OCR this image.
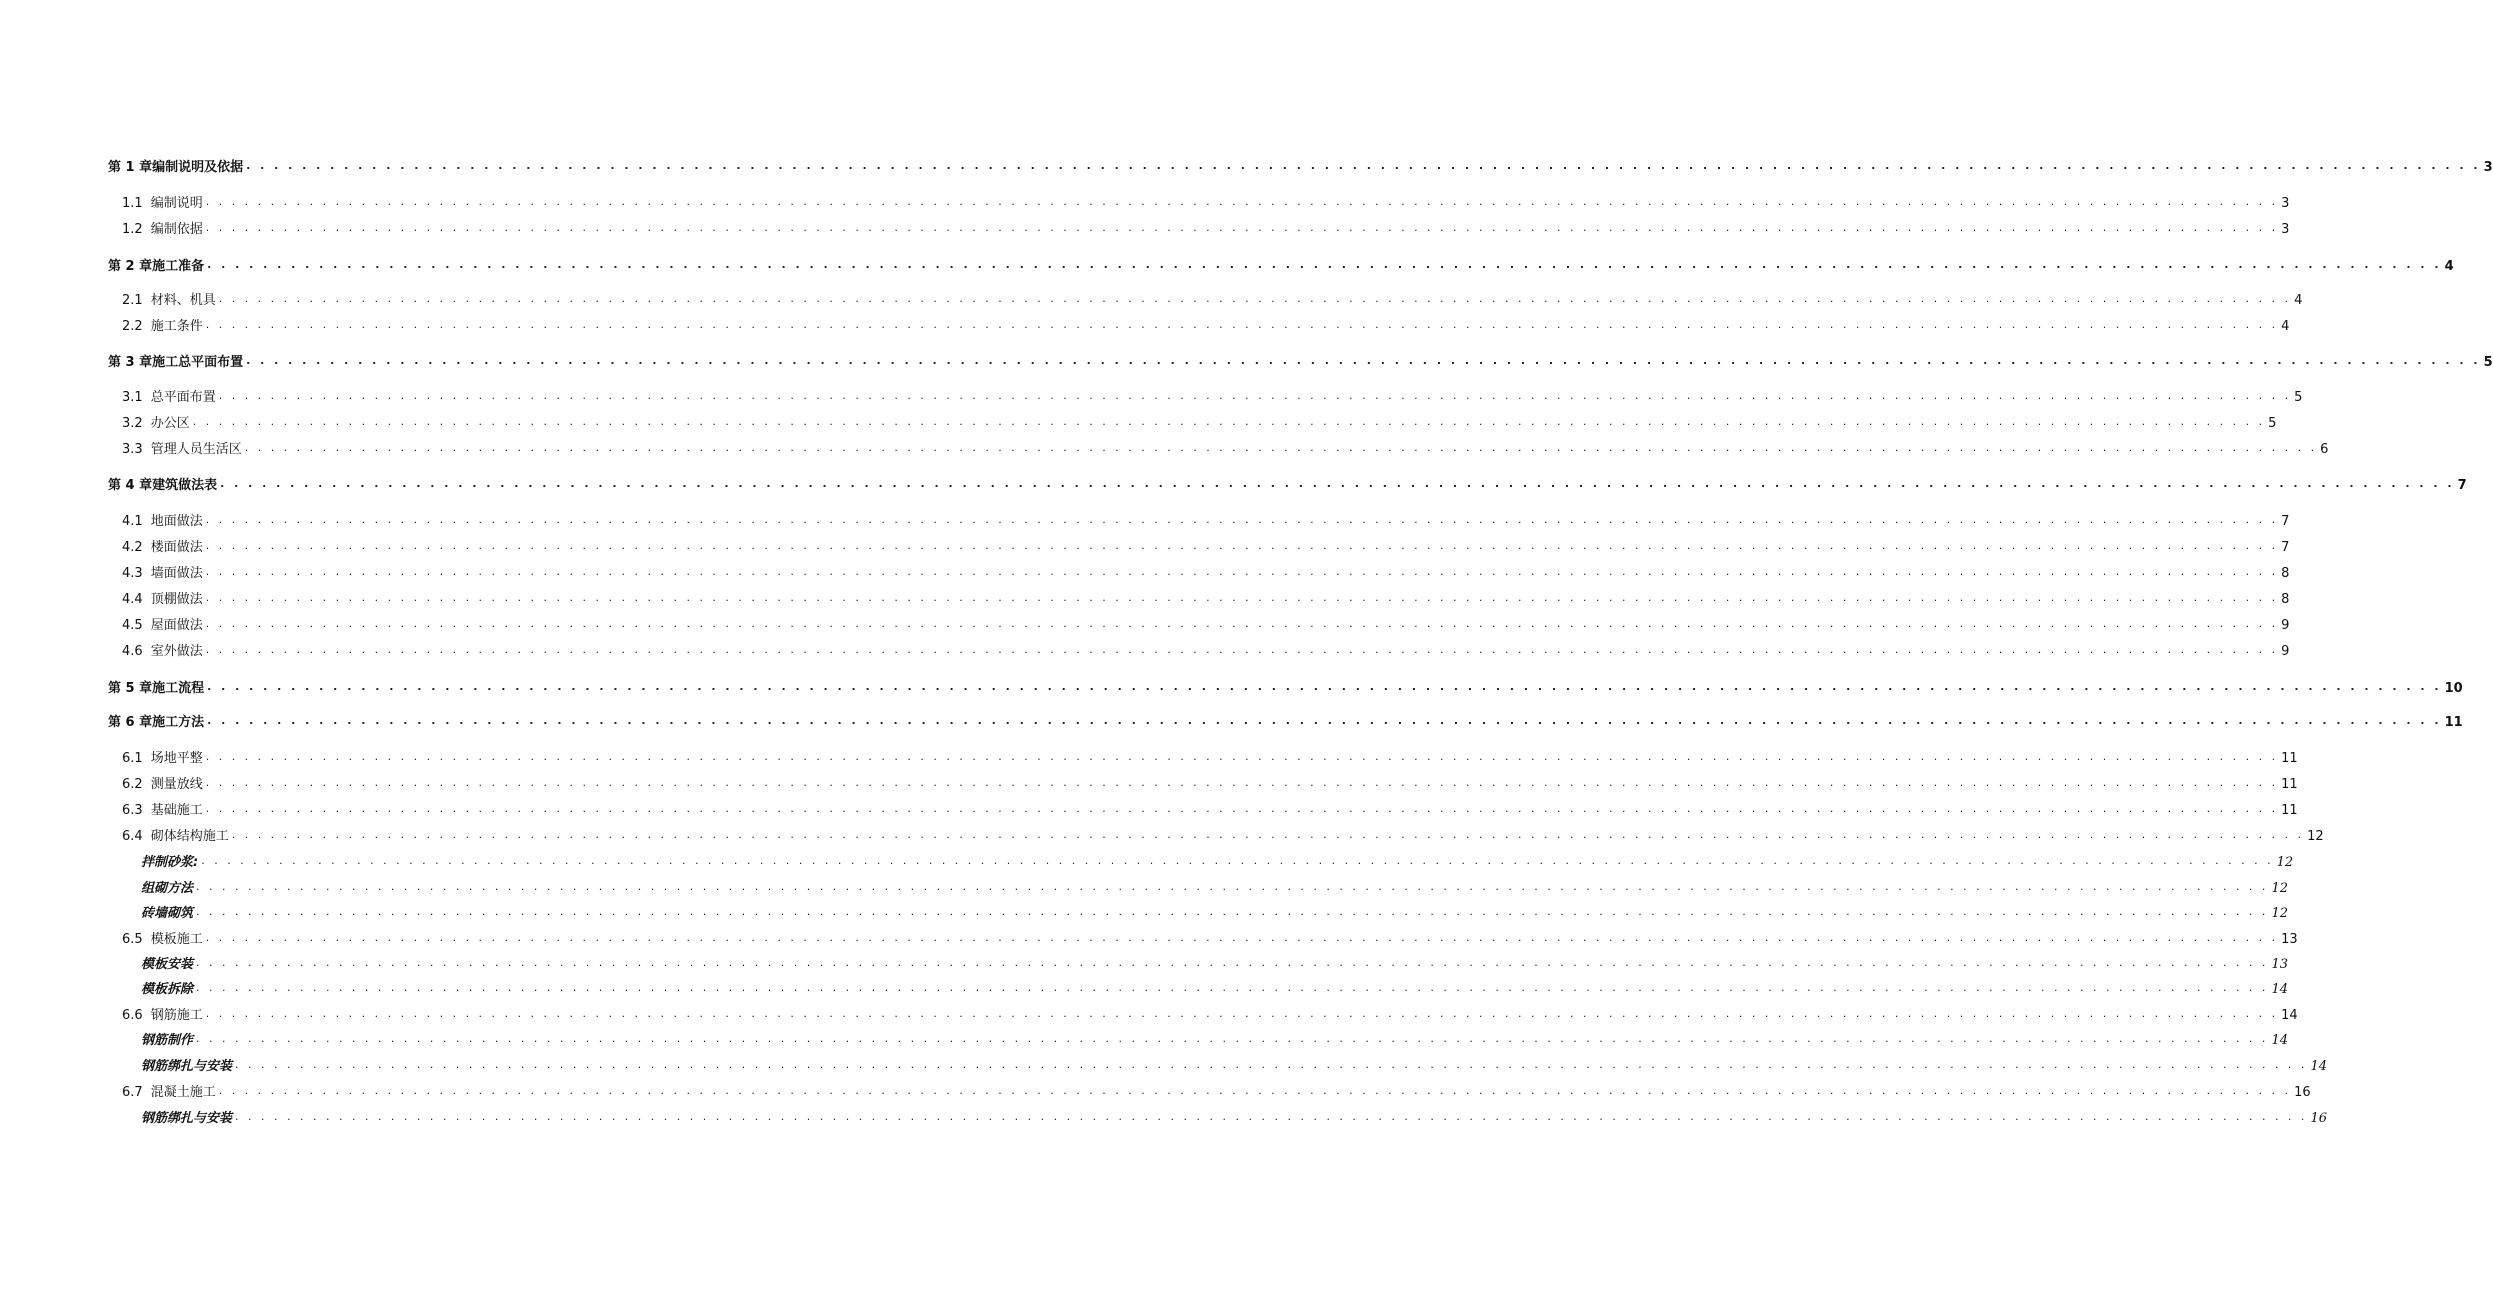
第 1 章编制说明及依据 . . . . . . . . . . . . . . . . . . . . . . . . . . . . . . . . . . . . . . . . . . . . . . . . . . . . . . . . . . . . . . . . . . . . . . . . . . . . . . . . . . . . . . . . . . . . . . . . . . . . . . . . . . . . . . . . . . . . . . . . . . . . . . . . . . . . . . . . . . . . . . . . . . . . . . . . . . . . . . . . 3
1.1 编制说明 . . . . . . . . . . . . . . . . . . . . . . . . . . . . . . . . . . . . . . . . . . . . . . . . . . . . . . . . . . . . . . . . . . . . . . . . . . . . . . . . . . . . . . . . . . . . . . . . . . . . . . . . . . . . . . . . . . . . . . . . . . . . . . . . . . . . . . . . . . . . . . . . . . . . . . . . . . . . . . . . 3
1.2 编制依据 . . . . . . . . . . . . . . . . . . . . . . . . . . . . . . . . . . . . . . . . . . . . . . . . . . . . . . . . . . . . . . . . . . . . . . . . . . . . . . . . . . . . . . . . . . . . . . . . . . . . . . . . . . . . . . . . . . . . . . . . . . . . . . . . . . . . . . . . . . . . . . . . . . . . . . . . . . . . . . . . 3
第 2 章施工准备 . . . . . . . . . . . . . . . . . . . . . . . . . . . . . . . . . . . . . . . . . . . . . . . . . . . . . . . . . . . . . . . . . . . . . . . . . . . . . . . . . . . . . . . . . . . . . . . . . . . . . . . . . . . . . . . . . . . . . . . . . . . . . . . . . . . . . . . . . . . . . . . . . . . . . . . . . . . . . . . . 4
2.1 材料、机具 . . . . . . . . . . . . . . . . . . . . . . . . . . . . . . . . . . . . . . . . . . . . . . . . . . . . . . . . . . . . . . . . . . . . . . . . . . . . . . . . . . . . . . . . . . . . . . . . . . . . . . . . . . . . . . . . . . . . . . . . . . . . . . . . . . . . . . . . . . . . . . . . . . . . . . . . . . . . . . . . 4
2.2 施工条件 . . . . . . . . . . . . . . . . . . . . . . . . . . . . . . . . . . . . . . . . . . . . . . . . . . . . . . . . . . . . . . . . . . . . . . . . . . . . . . . . . . . . . . . . . . . . . . . . . . . . . . . . . . . . . . . . . . . . . . . . . . . . . . . . . . . . . . . . . . . . . . . . . . . . . . . . . . . . . . . . 4
第 3 章施工总平面布置 . . . . . . . . . . . . . . . . . . . . . . . . . . . . . . . . . . . . . . . . . . . . . . . . . . . . . . . . . . . . . . . . . . . . . . . . . . . . . . . . . . . . . . . . . . . . . . . . . . . . . . . . . . . . . . . . . . . . . . . . . . . . . . . . . . . . . . . . . . . . . . . . . . . . . . . . . . . . . . . . 5
3.1 总平面布置 . . . . . . . . . . . . . . . . . . . . . . . . . . . . . . . . . . . . . . . . . . . . . . . . . . . . . . . . . . . . . . . . . . . . . . . . . . . . . . . . . . . . . . . . . . . . . . . . . . . . . . . . . . . . . . . . . . . . . . . . . . . . . . . . . . . . . . . . . . . . . . . . . . . . . . . . . . . . . . . . 5
3.2 办公区 . . . . . . . . . . . . . . . . . . . . . . . . . . . . . . . . . . . . . . . . . . . . . . . . . . . . . . . . . . . . . . . . . . . . . . . . . . . . . . . . . . . . . . . . . . . . . . . . . . . . . . . . . . . . . . . . . . . . . . . . . . . . . . . . . . . . . . . . . . . . . . . . . . . . . . . . . . . . . . . . 5
3.3 管理人员生活区 . . . . . . . . . . . . . . . . . . . . . . . . . . . . . . . . . . . . . . . . . . . . . . . . . . . . . . . . . . . . . . . . . . . . . . . . . . . . . . . . . . . . . . . . . . . . . . . . . . . . . . . . . . . . . . . . . . . . . . . . . . . . . . . . . . . . . . . . . . . . . . . . . . . . . . . . . . . . . . . . 6
第 4 章建筑做法表 . . . . . . . . . . . . . . . . . . . . . . . . . . . . . . . . . . . . . . . . . . . . . . . . . . . . . . . . . . . . . . . . . . . . . . . . . . . . . . . . . . . . . . . . . . . . . . . . . . . . . . . . . . . . . . . . . . . . . . . . . . . . . . . . . . . . . . . . . . . . . . . . . . . . . . . . . . . . . . . . 7
4.1 地面做法 . . . . . . . . . . . . . . . . . . . . . . . . . . . . . . . . . . . . . . . . . . . . . . . . . . . . . . . . . . . . . . . . . . . . . . . . . . . . . . . . . . . . . . . . . . . . . . . . . . . . . . . . . . . . . . . . . . . . . . . . . . . . . . . . . . . . . . . . . . . . . . . . . . . . . . . . . . . . . . . . 7
4.2 楼面做法 . . . . . . . . . . . . . . . . . . . . . . . . . . . . . . . . . . . . . . . . . . . . . . . . . . . . . . . . . . . . . . . . . . . . . . . . . . . . . . . . . . . . . . . . . . . . . . . . . . . . . . . . . . . . . . . . . . . . . . . . . . . . . . . . . . . . . . . . . . . . . . . . . . . . . . . . . . . . . . . . 7
4.3 墙面做法 . . . . . . . . . . . . . . . . . . . . . . . . . . . . . . . . . . . . . . . . . . . . . . . . . . . . . . . . . . . . . . . . . . . . . . . . . . . . . . . . . . . . . . . . . . . . . . . . . . . . . . . . . . . . . . . . . . . . . . . . . . . . . . . . . . . . . . . . . . . . . . . . . . . . . . . . . . . . . . . . 8
4.4 顶棚做法 . . . . . . . . . . . . . . . . . . . . . . . . . . . . . . . . . . . . . . . . . . . . . . . . . . . . . . . . . . . . . . . . . . . . . . . . . . . . . . . . . . . . . . . . . . . . . . . . . . . . . . . . . . . . . . . . . . . . . . . . . . . . . . . . . . . . . . . . . . . . . . . . . . . . . . . . . . . . . . . . 8
4.5 屋面做法 . . . . . . . . . . . . . . . . . . . . . . . . . . . . . . . . . . . . . . . . . . . . . . . . . . . . . . . . . . . . . . . . . . . . . . . . . . . . . . . . . . . . . . . . . . . . . . . . . . . . . . . . . . . . . . . . . . . . . . . . . . . . . . . . . . . . . . . . . . . . . . . . . . . . . . . . . . . . . . . . 9
4.6 室外做法 . . . . . . . . . . . . . . . . . . . . . . . . . . . . . . . . . . . . . . . . . . . . . . . . . . . . . . . . . . . . . . . . . . . . . . . . . . . . . . . . . . . . . . . . . . . . . . . . . . . . . . . . . . . . . . . . . . . . . . . . . . . . . . . . . . . . . . . . . . . . . . . . . . . . . . . . . . . . . . . . 9
第 5 章施工流程 . . . . . . . . . . . . . . . . . . . . . . . . . . . . . . . . . . . . . . . . . . . . . . . . . . . . . . . . . . . . . . . . . . . . . . . . . . . . . . . . . . . . . . . . . . . . . . . . . . . . . . . . . . . . . . . . . . . . . . . . . . . . . . . . . . . . . . . . . . . . . . . . . . . . . . . . . . . . . . . . 10
第 6 章施工方法 . . . . . . . . . . . . . . . . . . . . . . . . . . . . . . . . . . . . . . . . . . . . . . . . . . . . . . . . . . . . . . . . . . . . . . . . . . . . . . . . . . . . . . . . . . . . . . . . . . . . . . . . . . . . . . . . . . . . . . . . . . . . . . . . . . . . . . . . . . . . . . . . . . . . . . . . . . . . . . . . 11
6.1 场地平整 . . . . . . . . . . . . . . . . . . . . . . . . . . . . . . . . . . . . . . . . . . . . . . . . . . . . . . . . . . . . . . . . . . . . . . . . . . . . . . . . . . . . . . . . . . . . . . . . . . . . . . . . . . . . . . . . . . . . . . . . . . . . . . . . . . . . . . . . . . . . . . . . . . . . . . . . . . . . . . . . 11
6.2 测量放线 . . . . . . . . . . . . . . . . . . . . . . . . . . . . . . . . . . . . . . . . . . . . . . . . . . . . . . . . . . . . . . . . . . . . . . . . . . . . . . . . . . . . . . . . . . . . . . . . . . . . . . . . . . . . . . . . . . . . . . . . . . . . . . . . . . . . . . . . . . . . . . . . . . . . . . . . . . . . . . . . 11
6.3 基础施工 . . . . . . . . . . . . . . . . . . . . . . . . . . . . . . . . . . . . . . . . . . . . . . . . . . . . . . . . . . . . . . . . . . . . . . . . . . . . . . . . . . . . . . . . . . . . . . . . . . . . . . . . . . . . . . . . . . . . . . . . . . . . . . . . . . . . . . . . . . . . . . . . . . . . . . . . . . . . . . . . 11
6.4 砌体结构施工 . . . . . . . . . . . . . . . . . . . . . . . . . . . . . . . . . . . . . . . . . . . . . . . . . . . . . . . . . . . . . . . . . . . . . . . . . . . . . . . . . . . . . . . . . . . . . . . . . . . . . . . . . . . . . . . . . . . . . . . . . . . . . . . . . . . . . . . . . . . . . . . . . . . . . . . . . . . . . . . . 12
拌制砂浆: . . . . . . . . . . . . . . . . . . . . . . . . . . . . . . . . . . . . . . . . . . . . . . . . . . . . . . . . . . . . . . . . . . . . . . . . . . . . . . . . . . . . . . . . . . . . . . . . . . . . . . . . . . . . . . . . . . . . . . . . . . . . . . . . . . . . . . . . . . . . . . . . . . . . . . . . . . . . . . . . 12
组砌方法 . . . . . . . . . . . . . . . . . . . . . . . . . . . . . . . . . . . . . . . . . . . . . . . . . . . . . . . . . . . . . . . . . . . . . . . . . . . . . . . . . . . . . . . . . . . . . . . . . . . . . . . . . . . . . . . . . . . . . . . . . . . . . . . . . . . . . . . . . . . . . . . . . . . . . . . . . . . . . . . . 12
砖墙砌筑 . . . . . . . . . . . . . . . . . . . . . . . . . . . . . . . . . . . . . . . . . . . . . . . . . . . . . . . . . . . . . . . . . . . . . . . . . . . . . . . . . . . . . . . . . . . . . . . . . . . . . . . . . . . . . . . . . . . . . . . . . . . . . . . . . . . . . . . . . . . . . . . . . . . . . . . . . . . . . . . . 12
6.5 模板施工 . . . . . . . . . . . . . . . . . . . . . . . . . . . . . . . . . . . . . . . . . . . . . . . . . . . . . . . . . . . . . . . . . . . . . . . . . . . . . . . . . . . . . . . . . . . . . . . . . . . . . . . . . . . . . . . . . . . . . . . . . . . . . . . . . . . . . . . . . . . . . . . . . . . . . . . . . . . . . . . . 13
模板安装 . . . . . . . . . . . . . . . . . . . . . . . . . . . . . . . . . . . . . . . . . . . . . . . . . . . . . . . . . . . . . . . . . . . . . . . . . . . . . . . . . . . . . . . . . . . . . . . . . . . . . . . . . . . . . . . . . . . . . . . . . . . . . . . . . . . . . . . . . . . . . . . . . . . . . . . . . . . . . . . . 13
模板拆除 . . . . . . . . . . . . . . . . . . . . . . . . . . . . . . . . . . . . . . . . . . . . . . . . . . . . . . . . . . . . . . . . . . . . . . . . . . . . . . . . . . . . . . . . . . . . . . . . . . . . . . . . . . . . . . . . . . . . . . . . . . . . . . . . . . . . . . . . . . . . . . . . . . . . . . . . . . . . . . . . 14
6.6 钢筋施工 . . . . . . . . . . . . . . . . . . . . . . . . . . . . . . . . . . . . . . . . . . . . . . . . . . . . . . . . . . . . . . . . . . . . . . . . . . . . . . . . . . . . . . . . . . . . . . . . . . . . . . . . . . . . . . . . . . . . . . . . . . . . . . . . . . . . . . . . . . . . . . . . . . . . . . . . . . . . . . . . 14
钢筋制作 . . . . . . . . . . . . . . . . . . . . . . . . . . . . . . . . . . . . . . . . . . . . . . . . . . . . . . . . . . . . . . . . . . . . . . . . . . . . . . . . . . . . . . . . . . . . . . . . . . . . . . . . . . . . . . . . . . . . . . . . . . . . . . . . . . . . . . . . . . . . . . . . . . . . . . . . . . . . . . . . 14
钢筋绑扎与安装 . . . . . . . . . . . . . . . . . . . . . . . . . . . . . . . . . . . . . . . . . . . . . . . . . . . . . . . . . . . . . . . . . . . . . . . . . . . . . . . . . . . . . . . . . . . . . . . . . . . . . . . . . . . . . . . . . . . . . . . . . . . . . . . . . . . . . . . . . . . . . . . . . . . . . . . . . . . . . . . . 14
6.7 混凝土施工 . . . . . . . . . . . . . . . . . . . . . . . . . . . . . . . . . . . . . . . . . . . . . . . . . . . . . . . . . . . . . . . . . . . . . . . . . . . . . . . . . . . . . . . . . . . . . . . . . . . . . . . . . . . . . . . . . . . . . . . . . . . . . . . . . . . . . . . . . . . . . . . . . . . . . . . . . . . . . . . . 16
钢筋绑扎与安装 . . . . . . . . . . . . . . . . . . . . . . . . . . . . . . . . . . . . . . . . . . . . . . . . . . . . . . . . . . . . . . . . . . . . . . . . . . . . . . . . . . . . . . . . . . . . . . . . . . . . . . . . . . . . . . . . . . . . . . . . . . . . . . . . . . . . . . . . . . . . . . . . . . . . . . . . . . . . . . . . 16
